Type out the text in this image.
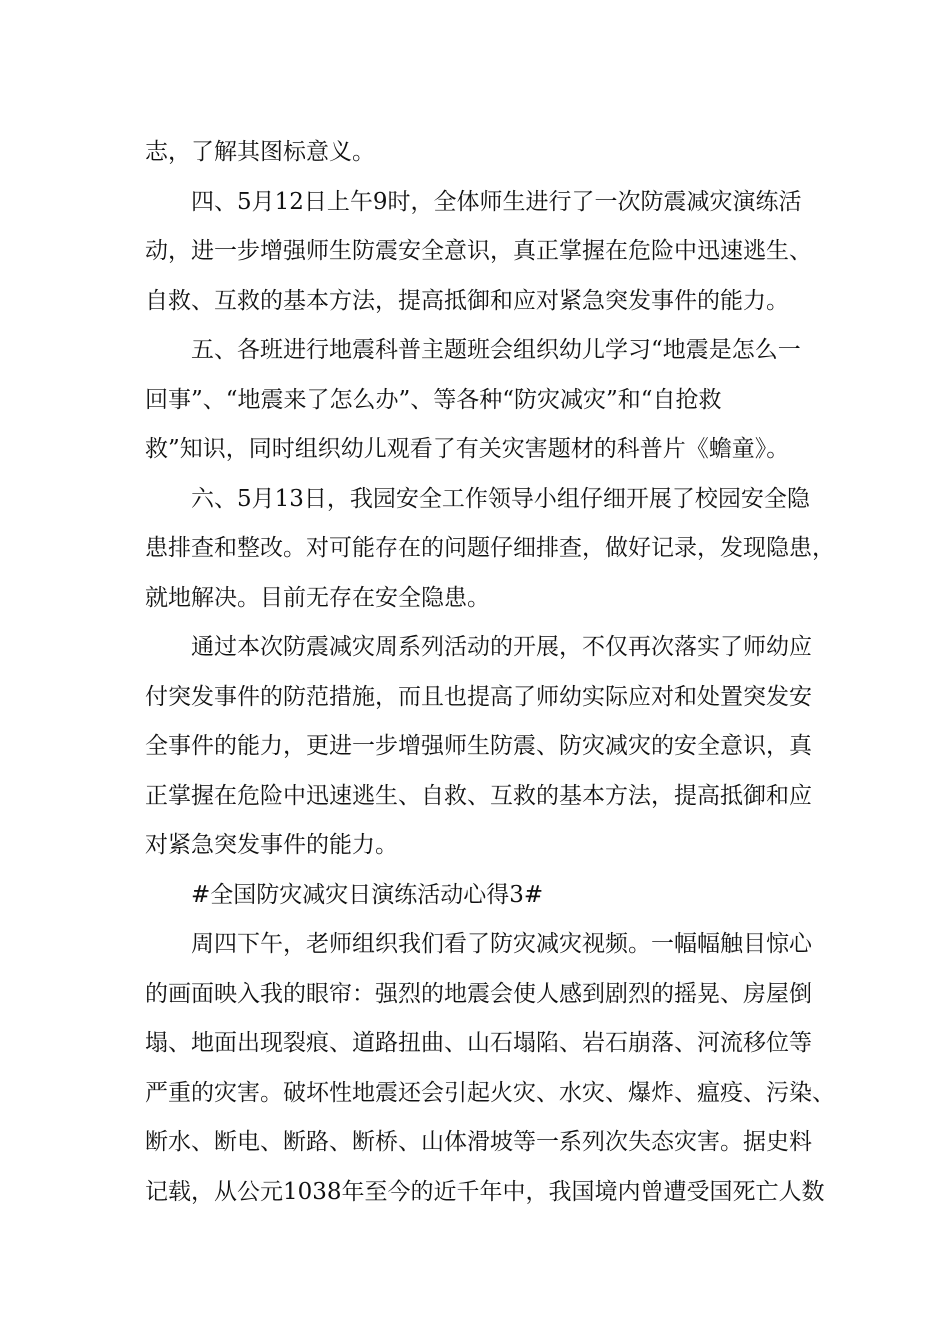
志，了解其图标意义。
四、5月12日上午9时，全体师生进行了一次防震减灾演练活
动，进一步增强师生防震安全意识，真正掌握在危险中迅速逃生、
自救、互救的基本方法，提高抵御和应对紧急突发事件的能力。
五、各班进行地震科普主题班会组织幼儿学习“地震是怎么一
回事”、“地震来了怎么办”、等各种“防灾减灾”和“自抢救
救”知识，同时组织幼儿观看了有关灾害题材的科普片《蟾童》。
六、5月13日，我园安全工作领导小组仔细开展了校园安全隐
患排查和整改。对可能存在的问题仔细排查，做好记录，发现隐患，
就地解决。目前无存在安全隐患。
通过本次防震减灾周系列活动的开展，不仅再次落实了师幼应
付突发事件的防范措施，而且也提高了师幼实际应对和处置突发安
全事件的能力，更进一步增强师生防震、防灾减灾的安全意识，真
正掌握在危险中迅速逃生、自救、互救的基本方法，提高抵御和应
对紧急突发事件的能力。
#全国防灾减灾日演练活动心得3#
周四下午，老师组织我们看了防灾减灾视频。一幅幅触目惊心
的画面映入我的眼帘：强烈的地震会使人感到剧烈的摇晃、房屋倒
塌、地面出现裂痕、道路扭曲、山石塌陷、岩石崩落、河流移位等
严重的灾害。破坏性地震还会引起火灾、水灾、爆炸、瘟疫、污染、
断水、断电、断路、断桥、山体滑坡等一系列次失态灾害。据史料
记载，从公元1038年至今的近千年中，我国境内曾遭受国死亡人数
